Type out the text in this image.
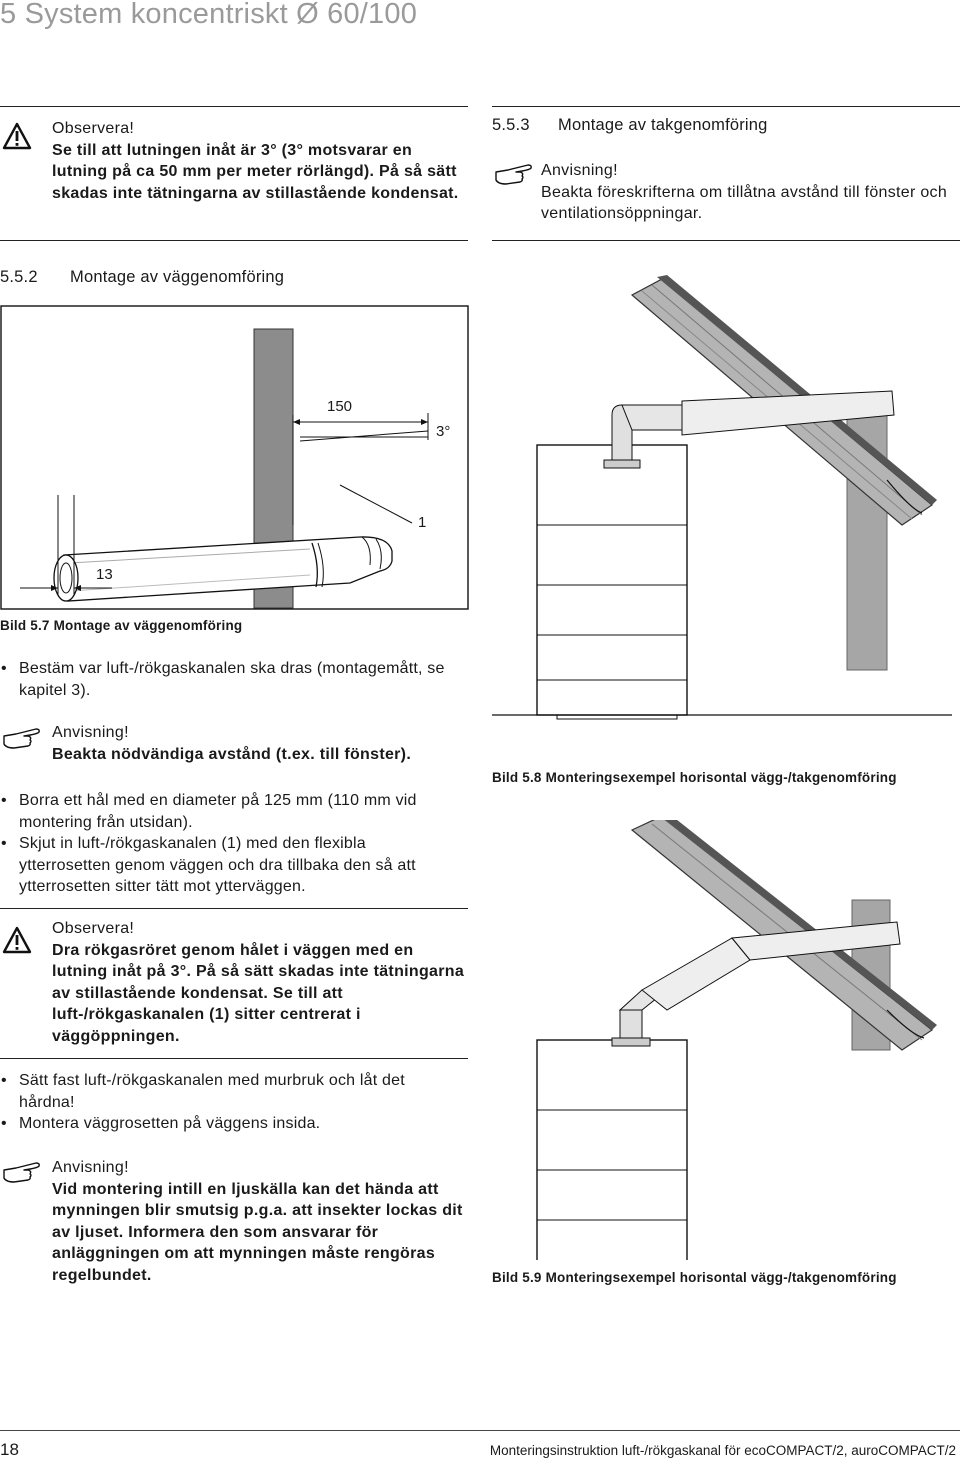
5 System koncentriskt Ø 60/100
Observera!
Se till att lutningen inåt är 3° (3° motsvarar en lutning på ca 50 mm per meter rörlängd). På så sätt skadas inte tätningarna av stillastående kondensat.
5.5.2 Montage av väggenomföring
150
3°
1
13
Bild 5.7 Montage av väggenomföring
• Bestäm var luft-/rökgaskanalen ska dras (montagemått, se kapitel 3).
Anvisning!
Beakta nödvändiga avstånd (t.ex. till fönster).
• Borra ett hål med en diameter på 125 mm (110 mm vid montering från utsidan).
• Skjut in luft-/rökgaskanalen (1) med den flexibla ytterrosetten genom väggen och dra tillbaka den så att ytterrosetten sitter tätt mot ytterväggen.
Observera!
Dra rökgasröret genom hålet i väggen med en lutning inåt på 3°. På så sätt skadas inte tätningarna av stillastående kondensat. Se till att luft-/rökgaskanalen (1) sitter centrerat i väggöppningen.
• Sätt fast luft-/rökgaskanalen med murbruk och låt det hårdna!
• Montera väggrosetten på väggens insida.
Anvisning!
Vid montering intill en ljuskälla kan det hända att mynningen blir smutsig p.g.a. att insekter lockas dit av ljuset. Informera den som ansvarar för anläggningen om att mynningen måste rengöras regelbundet.
5.5.3 Montage av takgenomföring
Anvisning!
Beakta föreskrifterna om tillåtna avstånd till fönster och ventilationsöppningar.
Bild 5.8 Monteringsexempel horisontal vägg-/takgenomföring
Bild 5.9 Monteringsexempel horisontal vägg-/takgenomföring
18	Monteringsinstruktion luft-/rökgaskanal för ecoCOMPACT/2, auroCOMPACT/2
